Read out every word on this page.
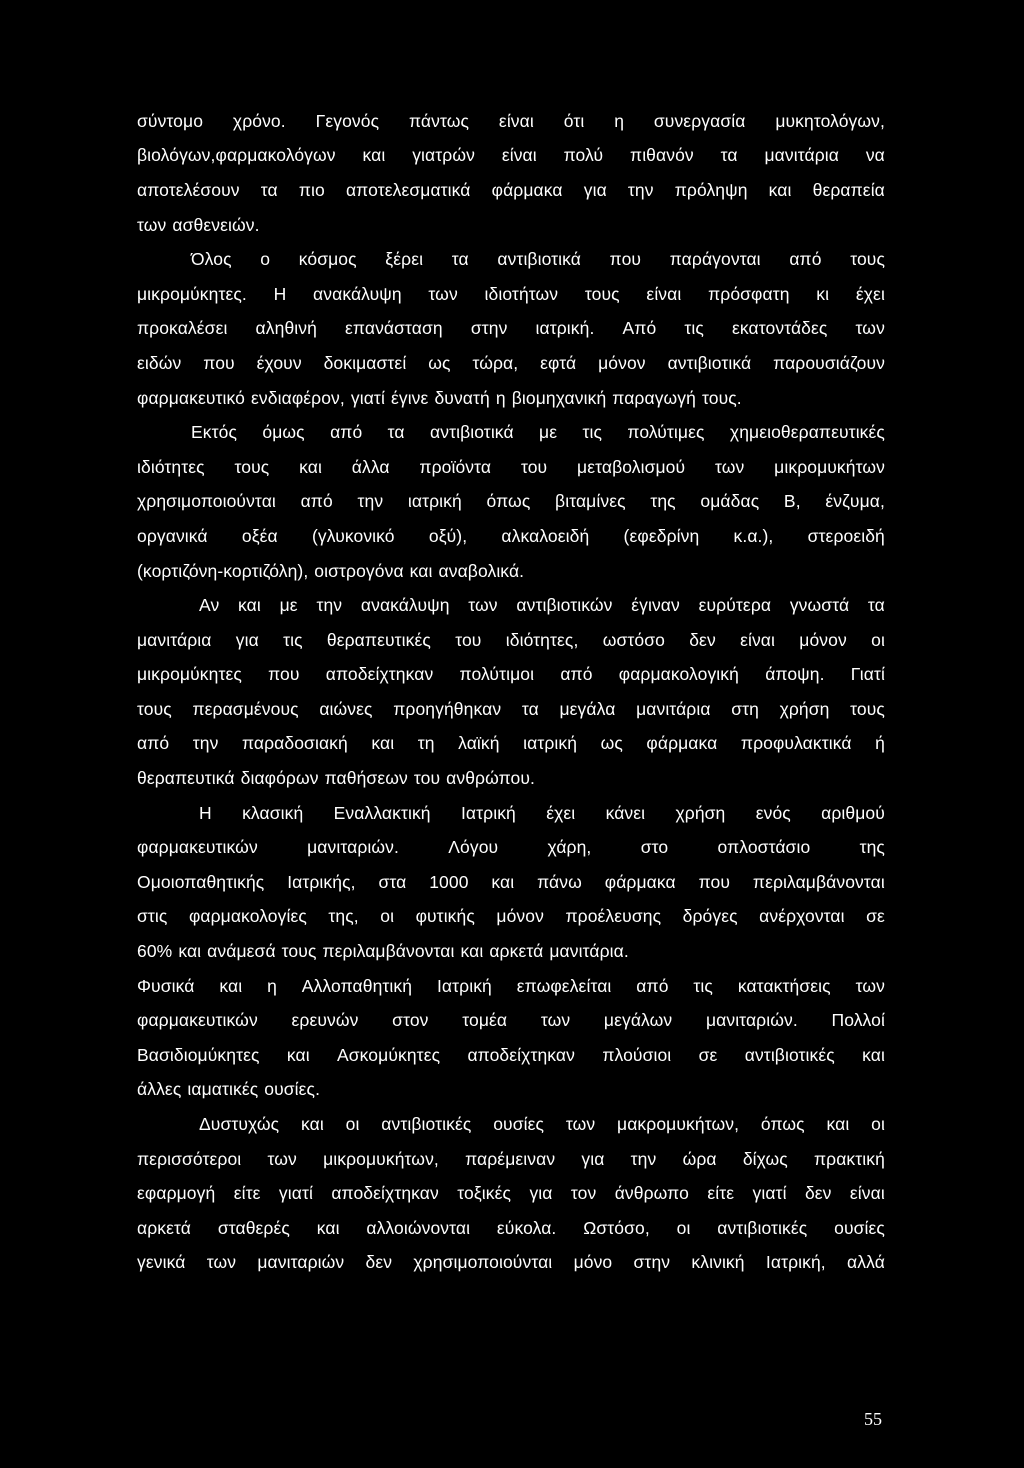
σύντομο χρόνο. Γεγονός πάντως είναι ότι η συνεργασία μυκητολόγων,
βιολόγων,φαρμακολόγων και γιατρών είναι πολύ πιθανόν τα μανιτάρια να
αποτελέσουν τα πιο αποτελεσματικά φάρμακα για την πρόληψη και θεραπεία
των ασθενειών.
Όλος ο κόσμος ξέρει τα αντιβιοτικά που παράγονται από τους
μικρομύκητες. Η ανακάλυψη των ιδιοτήτων τους είναι πρόσφατη κι έχει
προκαλέσει αληθινή επανάσταση στην ιατρική. Από τις εκατοντάδες των
ειδών που έχουν δοκιμαστεί ως τώρα, εφτά μόνον αντιβιοτικά παρουσιάζουν
φαρμακευτικό ενδιαφέρον, γιατί έγινε δυνατή η βιομηχανική παραγωγή τους.
Εκτός όμως από τα αντιβιοτικά με τις πολύτιμες χημειοθεραπευτικές
ιδιότητες τους και άλλα προϊόντα του μεταβολισμού των μικρομυκήτων
χρησιμοποιούνται από την ιατρική όπως βιταμίνες της ομάδας Β, ένζυμα,
οργανικά οξέα (γλυκονικό οξύ), αλκαλοειδή (εφεδρίνη κ.α.), στεροειδή
(κορτιζόνη-κορτιζόλη), οιστρογόνα και αναβολικά.
Αν και με την ανακάλυψη των αντιβιοτικών έγιναν ευρύτερα γνωστά τα
μανιτάρια για τις θεραπευτικές του ιδιότητες, ωστόσο δεν είναι μόνον οι
μικρομύκητες που αποδείχτηκαν πολύτιμοι από φαρμακολογική άποψη. Γιατί
τους περασμένους αιώνες προηγήθηκαν τα μεγάλα μανιτάρια στη χρήση τους
από την παραδοσιακή και τη λαϊκή ιατρική ως φάρμακα προφυλακτικά ή
θεραπευτικά διαφόρων παθήσεων του ανθρώπου.
Η κλασική Εναλλακτική Ιατρική έχει κάνει χρήση ενός αριθμού
φαρμακευτικών	μανιταριών.	Λόγου	χάρη,	στο	οπλοστάσιο	της
Ομοιοπαθητικής Ιατρικής, στα 1000 και πάνω φάρμακα που περιλαμβάνονται
στις φαρμακολογίες της, οι φυτικής μόνον προέλευσης δρόγες ανέρχονται σε
60% και ανάμεσά τους περιλαμβάνονται και αρκετά μανιτάρια.
Φυσικά και η Αλλοπαθητική Ιατρική επωφελείται από τις κατακτήσεις των
φαρμακευτικών ερευνών στον τομέα των μεγάλων μανιταριών. Πολλοί
Βασιδιομύκητες και Ασκομύκητες αποδείχτηκαν πλούσιοι σε αντιβιοτικές και
άλλες ιαματικές ουσίες.
Δυστυχώς και οι αντιβιοτικές ουσίες των μακρομυκήτων, όπως και οι
περισσότεροι των μικρομυκήτων, παρέμειναν για την ώρα δίχως πρακτική
εφαρμογή είτε γιατί αποδείχτηκαν τοξικές για τον άνθρωπο είτε γιατί δεν είναι
αρκετά σταθερές και αλλοιώνονται εύκολα. Ωστόσο, οι αντιβιοτικές ουσίες
γενικά των μανιταριών δεν χρησιμοποιούνται μόνο στην κλινική Ιατρική, αλλά
55
